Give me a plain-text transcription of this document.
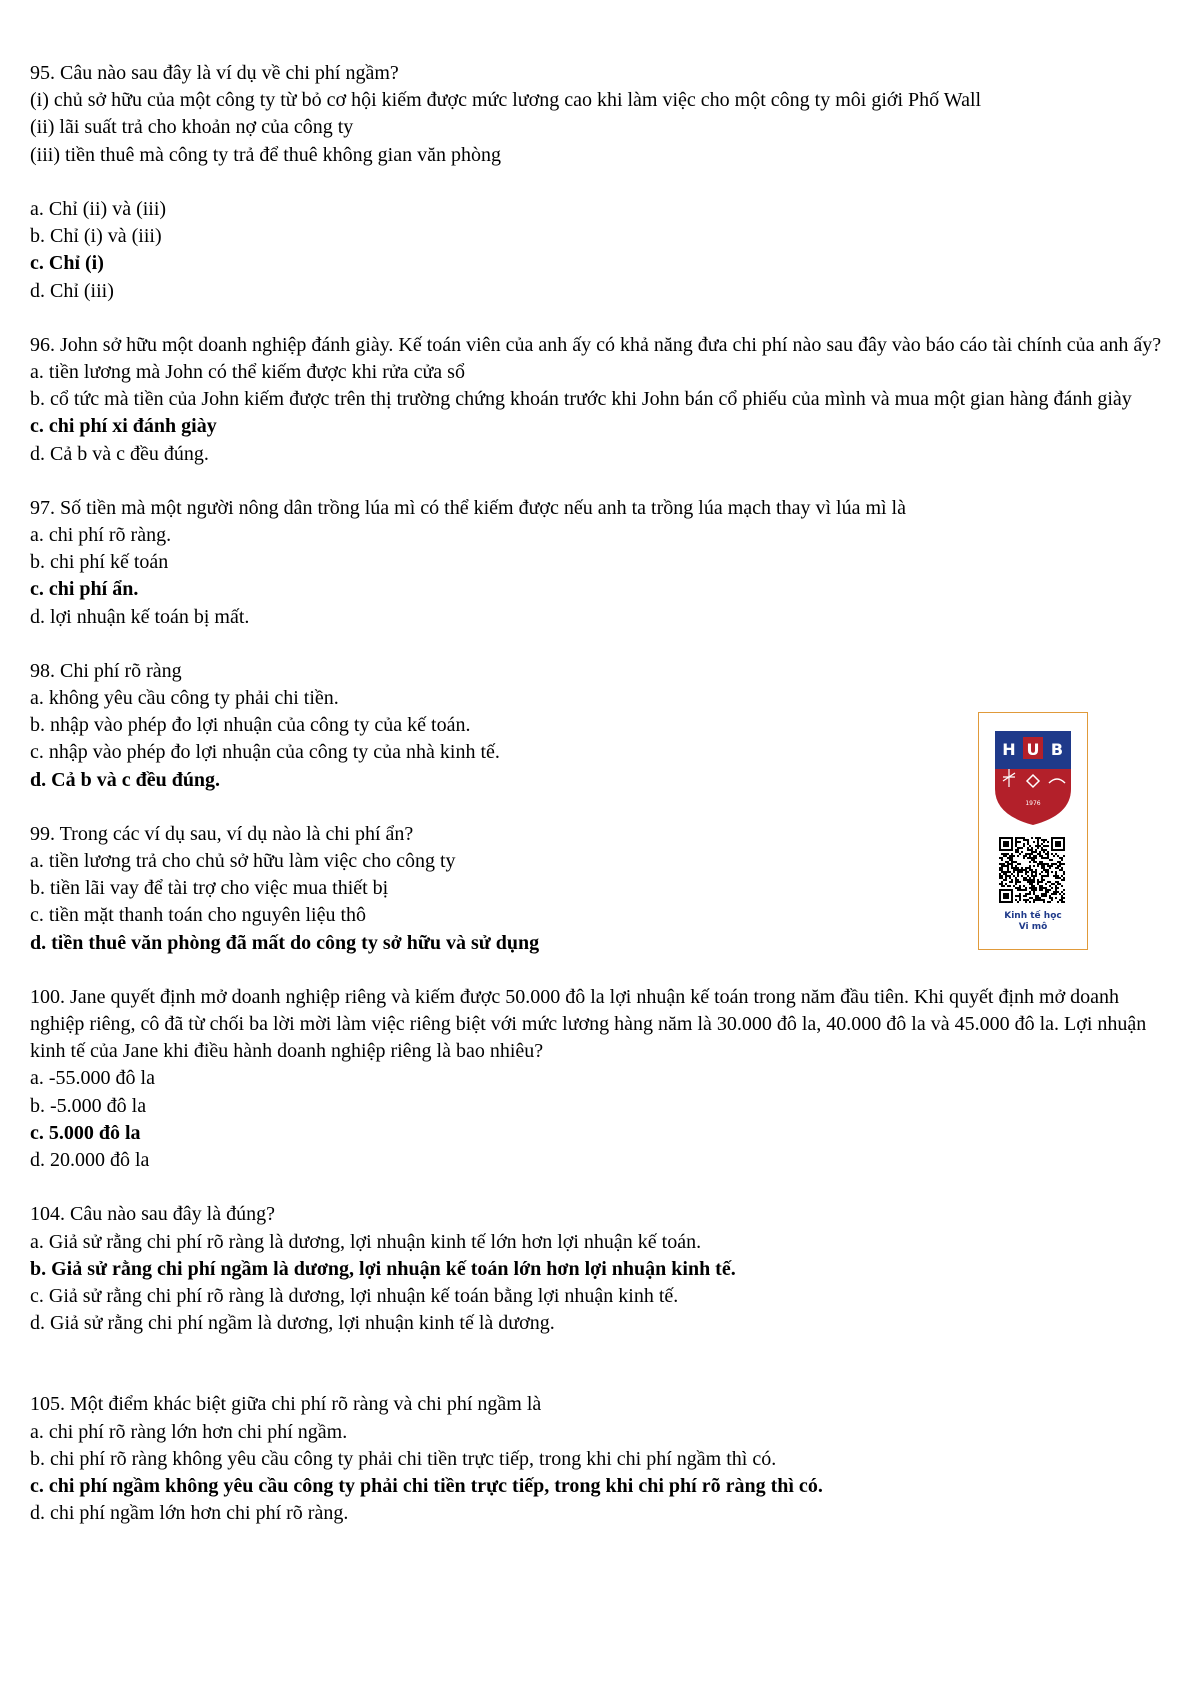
95. Câu nào sau đây là ví dụ về chi phí ngầm?

(i) chủ sở hữu của một công ty từ bỏ cơ hội kiếm được mức lương cao khi làm việc cho một công ty môi giới Phố Wall

(ii) lãi suất trả cho khoản nợ của công ty

(iii) tiền thuê mà công ty trả để thuê không gian văn phòng

a. Chỉ (ii) và (iii)

b. Chỉ (i) và (iii)

c. Chỉ (i)

d. Chỉ (iii)

96. John sở hữu một doanh nghiệp đánh giày. Kế toán viên của anh ấy có khả năng đưa chi phí nào sau đây vào báo cáo tài chính của anh ấy?

a. tiền lương mà John có thể kiếm được khi rửa cửa sổ

b. cổ tức mà tiền của John kiếm được trên thị trường chứng khoán trước khi John bán cổ phiếu của mình và mua một gian hàng đánh giày

c. chi phí xi đánh giày

d. Cả b và c đều đúng.

97. Số tiền mà một người nông dân trồng lúa mì có thể kiếm được nếu anh ta trồng lúa mạch thay vì lúa mì là

a. chi phí rõ ràng.

b. chi phí kế toán

c. chi phí ẩn.

d. lợi nhuận kế toán bị mất.

98. Chi phí rõ ràng

a. không yêu cầu công ty phải chi tiền.

b. nhập vào phép đo lợi nhuận của công ty của kế toán.

c. nhập vào phép đo lợi nhuận của công ty của nhà kinh tế.

d. Cả b và c đều đúng.

99. Trong các ví dụ sau, ví dụ nào là chi phí ẩn?

a. tiền lương trả cho chủ sở hữu làm việc cho công ty

b. tiền lãi vay để tài trợ cho việc mua thiết bị

c. tiền mặt thanh toán cho nguyên liệu thô

d. tiền thuê văn phòng đã mất do công ty sở hữu và sử dụng

100. Jane quyết định mở doanh nghiệp riêng và kiếm được 50.000 đô la lợi nhuận kế toán trong năm đầu tiên. Khi quyết định mở doanh nghiệp riêng, cô đã từ chối ba lời mời làm việc riêng biệt với mức lương hàng năm là 30.000 đô la, 40.000 đô la và 45.000 đô la. Lợi nhuận kinh tế của Jane khi điều hành doanh nghiệp riêng là bao nhiêu?

a. -55.000 đô la

b. -5.000 đô la

c. 5.000 đô la

d. 20.000 đô la

104. Câu nào sau đây là đúng?

a. Giả sử rằng chi phí rõ ràng là dương, lợi nhuận kinh tế lớn hơn lợi nhuận kế toán.

b. Giả sử rằng chi phí ngầm là dương, lợi nhuận kế toán lớn hơn lợi nhuận kinh tế.

c. Giả sử rằng chi phí rõ ràng là dương, lợi nhuận kế toán bằng lợi nhuận kinh tế.

d. Giả sử rằng chi phí ngầm là dương, lợi nhuận kinh tế là dương.

105. Một điểm khác biệt giữa chi phí rõ ràng và chi phí ngầm là

a. chi phí rõ ràng lớn hơn chi phí ngầm.

b. chi phí rõ ràng không yêu cầu công ty phải chi tiền trực tiếp, trong khi chi phí ngầm thì có.

c. chi phí ngầm không yêu cầu công ty phải chi tiền trực tiếp, trong khi chi phí rõ ràng thì có.

d. chi phí ngầm lớn hơn chi phí rõ ràng.

H U B
1976
Kinh tế học
Vi mô
